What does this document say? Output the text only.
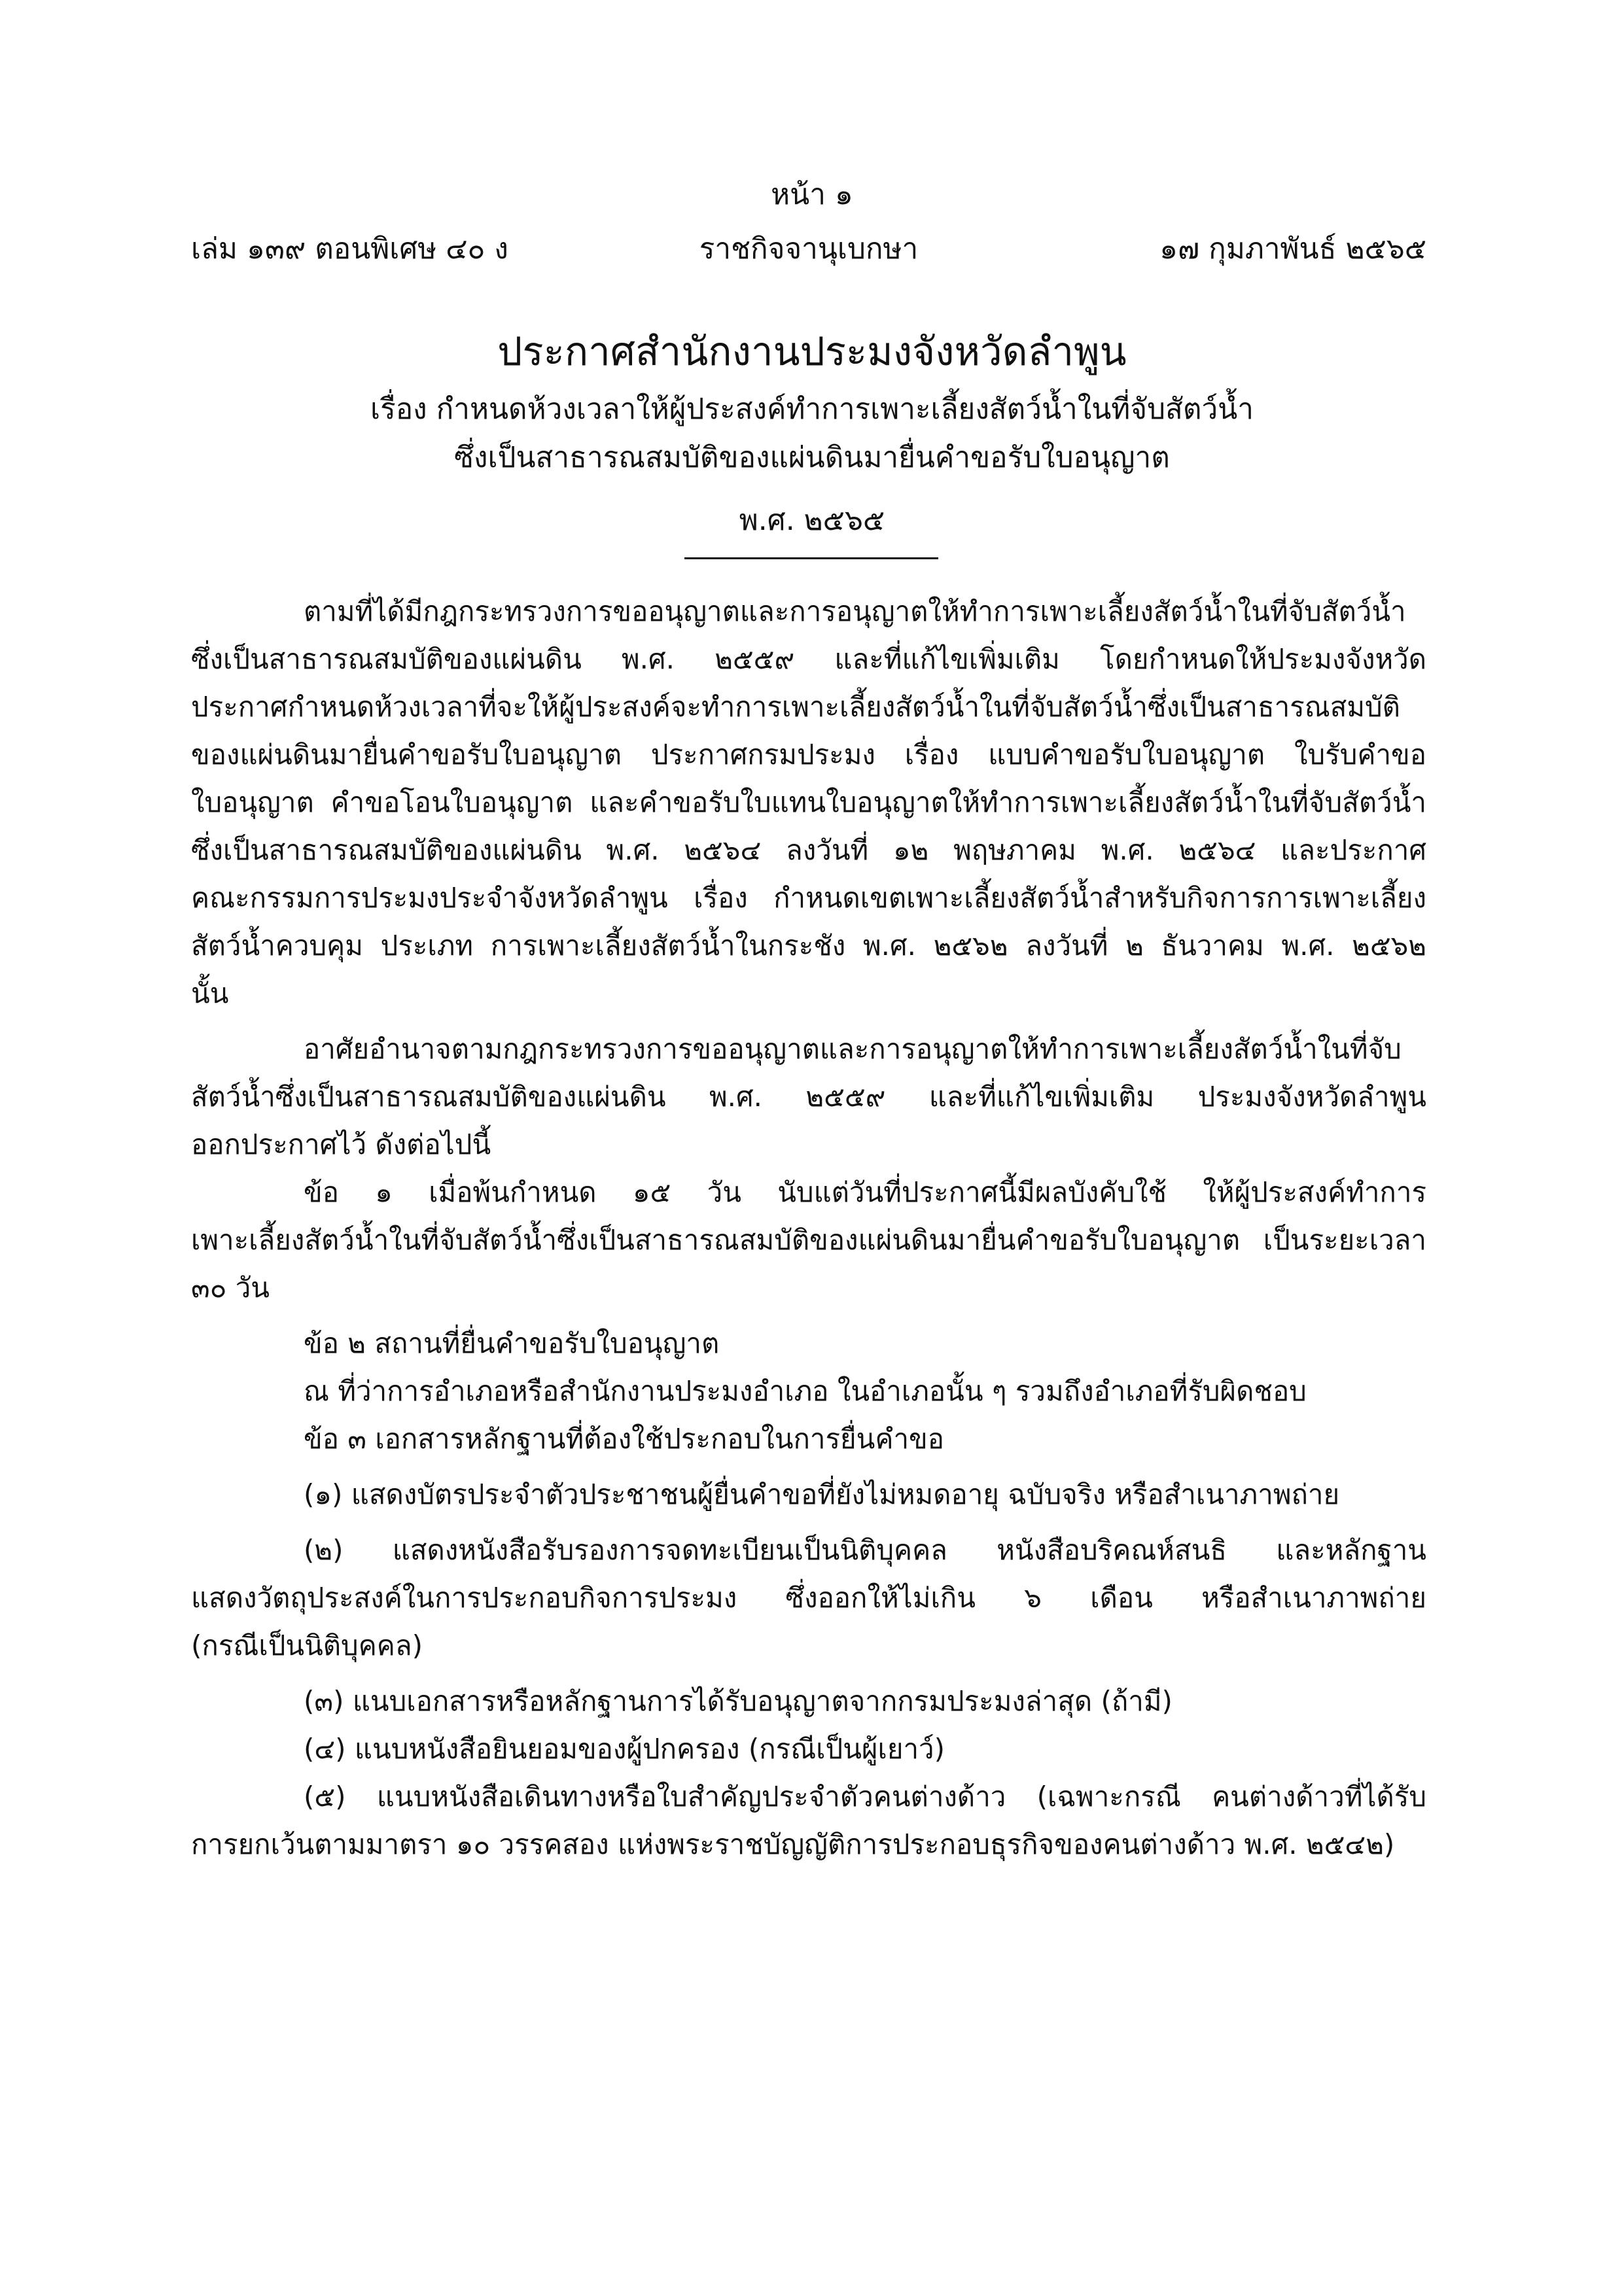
หน้า ๑
เล่ม ๑๓๙ ตอนพิเศษ ๔๐ ง	ราชกิจจานุเบกษา	๑๗ กุมภาพันธ์ ๒๕๖๕
ประกาศสำนักงานประมงจังหวัดลำพูน
เรื่อง กำหนดห้วงเวลาให้ผู้ประสงค์ทำการเพาะเลี้ยงสัตว์น้ำในที่จับสัตว์น้ำ
ซึ่งเป็นสาธารณสมบัติของแผ่นดินมายื่นคำขอรับใบอนุญาต
พ.ศ. ๒๕๖๕

ตามที่ได้มีกฎกระทรวงการขออนุญาตและการอนุญาตให้ทำการเพาะเลี้ยงสัตว์น้ำในที่จับสัตว์น้ำ

ซึ่งเป็นสาธารณสมบัติของแผ่นดิน พ.ศ. ๒๕๕๙ และที่แก้ไขเพิ่มเติม โดยกำหนดให้ประมงจังหวัด

ประกาศกำหนดห้วงเวลาที่จะให้ผู้ประสงค์จะทำการเพาะเลี้ยงสัตว์น้ำในที่จับสัตว์น้ำซึ่งเป็นสาธารณสมบัติ

ของแผ่นดินมายื่นคำขอรับใบอนุญาต ประกาศกรมประมง เรื่อง แบบคำขอรับใบอนุญาต ใบรับคำขอ

ใบอนุญาต คำขอโอนใบอนุญาต และคำขอรับใบแทนใบอนุญาตให้ทำการเพาะเลี้ยงสัตว์น้ำในที่จับสัตว์น้ำ

ซึ่งเป็นสาธารณสมบัติของแผ่นดิน พ.ศ. ๒๕๖๔ ลงวันที่ ๑๒ พฤษภาคม พ.ศ. ๒๕๖๔ และประกาศ

คณะกรรมการประมงประจำจังหวัดลำพูน เรื่อง กำหนดเขตเพาะเลี้ยงสัตว์น้ำสำหรับกิจการการเพาะเลี้ยง

สัตว์น้ำควบคุม ประเภท การเพาะเลี้ยงสัตว์น้ำในกระชัง พ.ศ. ๒๕๖๒ ลงวันที่ ๒ ธันวาคม พ.ศ. ๒๕๖๒

นั้น

อาศัยอำนาจตามกฎกระทรวงการขออนุญาตและการอนุญาตให้ทำการเพาะเลี้ยงสัตว์น้ำในที่จับ

สัตว์น้ำซึ่งเป็นสาธารณสมบัติของแผ่นดิน พ.ศ. ๒๕๕๙ และที่แก้ไขเพิ่มเติม ประมงจังหวัดลำพูน

ออกประกาศไว้ ดังต่อไปนี้

ข้อ ๑ เมื่อพ้นกำหนด ๑๕ วัน นับแต่วันที่ประกาศนี้มีผลบังคับใช้ ให้ผู้ประสงค์ทำการ

เพาะเลี้ยงสัตว์น้ำในที่จับสัตว์น้ำซึ่งเป็นสาธารณสมบัติของแผ่นดินมายื่นคำขอรับใบอนุญาต เป็นระยะเวลา

๓๐ วัน

ข้อ ๒ สถานที่ยื่นคำขอรับใบอนุญาต

ณ ที่ว่าการอำเภอหรือสำนักงานประมงอำเภอ ในอำเภอนั้น ๆ รวมถึงอำเภอที่รับผิดชอบ

ข้อ ๓ เอกสารหลักฐานที่ต้องใช้ประกอบในการยื่นคำขอ

(๑) แสดงบัตรประจำตัวประชาชนผู้ยื่นคำขอที่ยังไม่หมดอายุ ฉบับจริง หรือสำเนาภาพถ่าย

(๒) แสดงหนังสือรับรองการจดทะเบียนเป็นนิติบุคคล หนังสือบริคณห์สนธิ และหลักฐาน

แสดงวัตถุประสงค์ในการประกอบกิจการประมง ซึ่งออกให้ไม่เกิน ๖ เดือน หรือสำเนาภาพถ่าย

(กรณีเป็นนิติบุคคล)

(๓) แนบเอกสารหรือหลักฐานการได้รับอนุญาตจากกรมประมงล่าสุด (ถ้ามี)

(๔) แนบหนังสือยินยอมของผู้ปกครอง (กรณีเป็นผู้เยาว์)

(๕) แนบหนังสือเดินทางหรือใบสำคัญประจำตัวคนต่างด้าว (เฉพาะกรณี คนต่างด้าวที่ได้รับ

การยกเว้นตามมาตรา ๑๐ วรรคสอง แห่งพระราชบัญญัติการประกอบธุรกิจของคนต่างด้าว พ.ศ. ๒๕๔๒)
